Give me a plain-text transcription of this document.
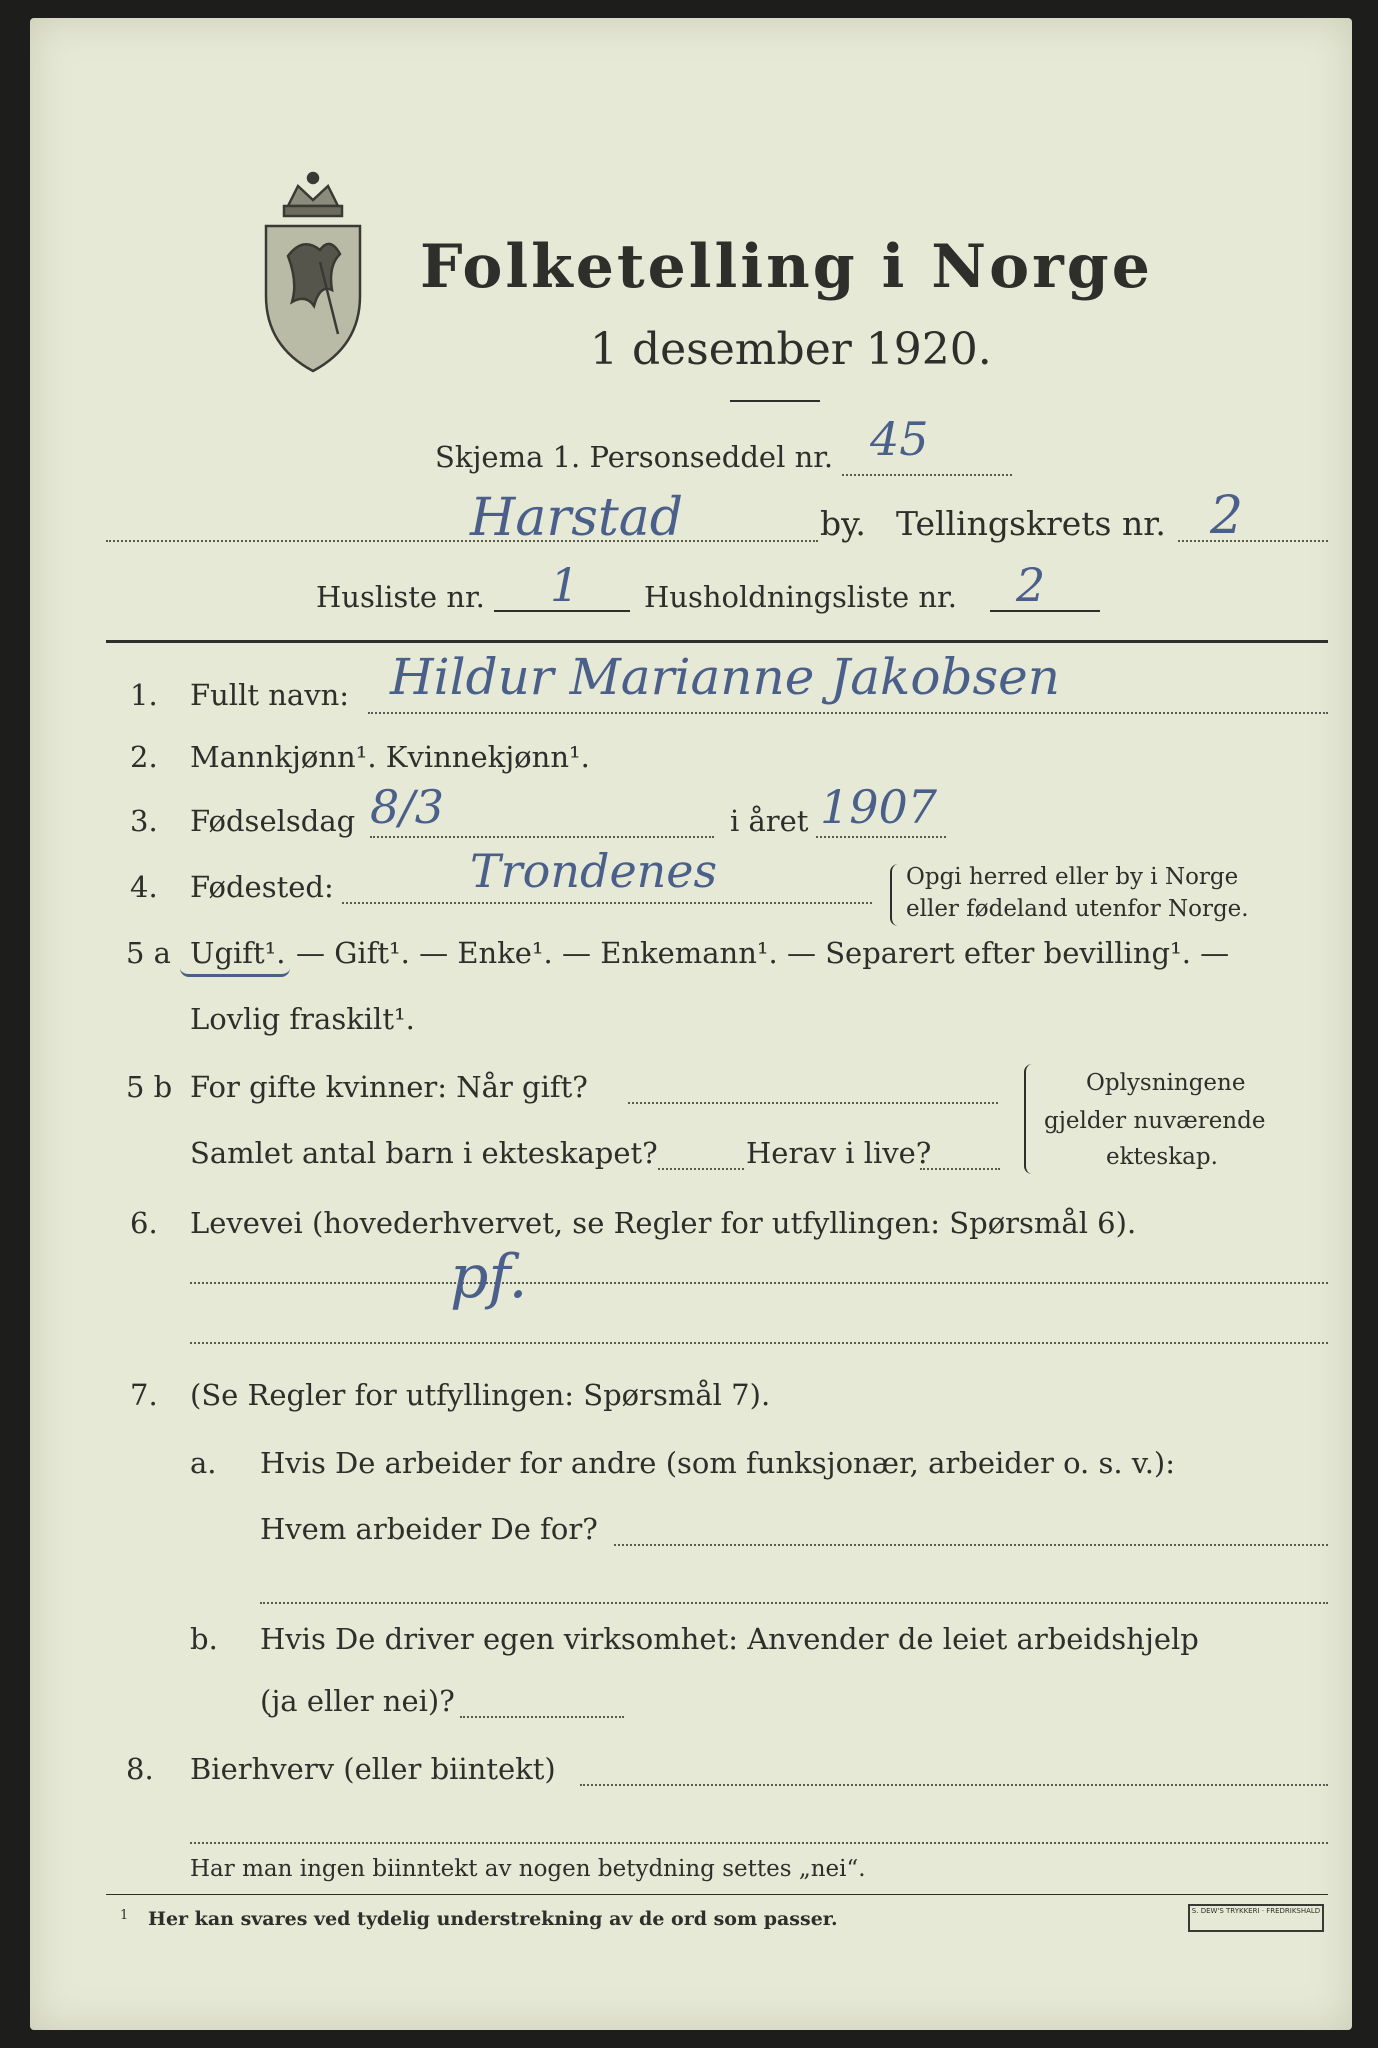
Folketelling i Norge
1 desember 1920.
Skjema 1. Personseddel nr. 45
Harstad	by. Tellingskrets nr. 2
Husliste nr. 1 Husholdningsliste nr. 2
1. Fullt navn: Hildur Marianne Jakobsen
2. Mannkjønn¹. Kvinnekjønn¹.
3. Fødselsdag 8/3	i året 1907
4. Fødested:	Trondenes	Opgi herred eller by i Norge
eller fødeland utenfor Norge.
5 a Ugift¹. — Gift¹. — Enke¹. — Enkemann¹. — Separert efter bevilling¹. —
Lovlig fraskilt¹.
5 b For gifte kvinner: Når gift?
Samlet antal barn i ekteskapet?	Herav i live?
Oplysningene
gjelder nuværende
ekteskap.
6. Levevei (hovederhvervet, se Regler for utfyllingen: Spørsmål 6).
pf.
7. (Se Regler for utfyllingen: Spørsmål 7).
a. Hvis De arbeider for andre (som funksjonær, arbeider o. s. v.):
Hvem arbeider De for?
b. Hvis De driver egen virksomhet: Anvender de leiet arbeidshjelp
(ja eller nei)?
8. Bierhverv (eller biintekt)
Har man ingen biinntekt av nogen betydning settes „nei“.
1 Her kan svares ved tydelig understrekning av de ord som passer.	S. DEW'S TRYKKERI · FREDRIKSHALD
